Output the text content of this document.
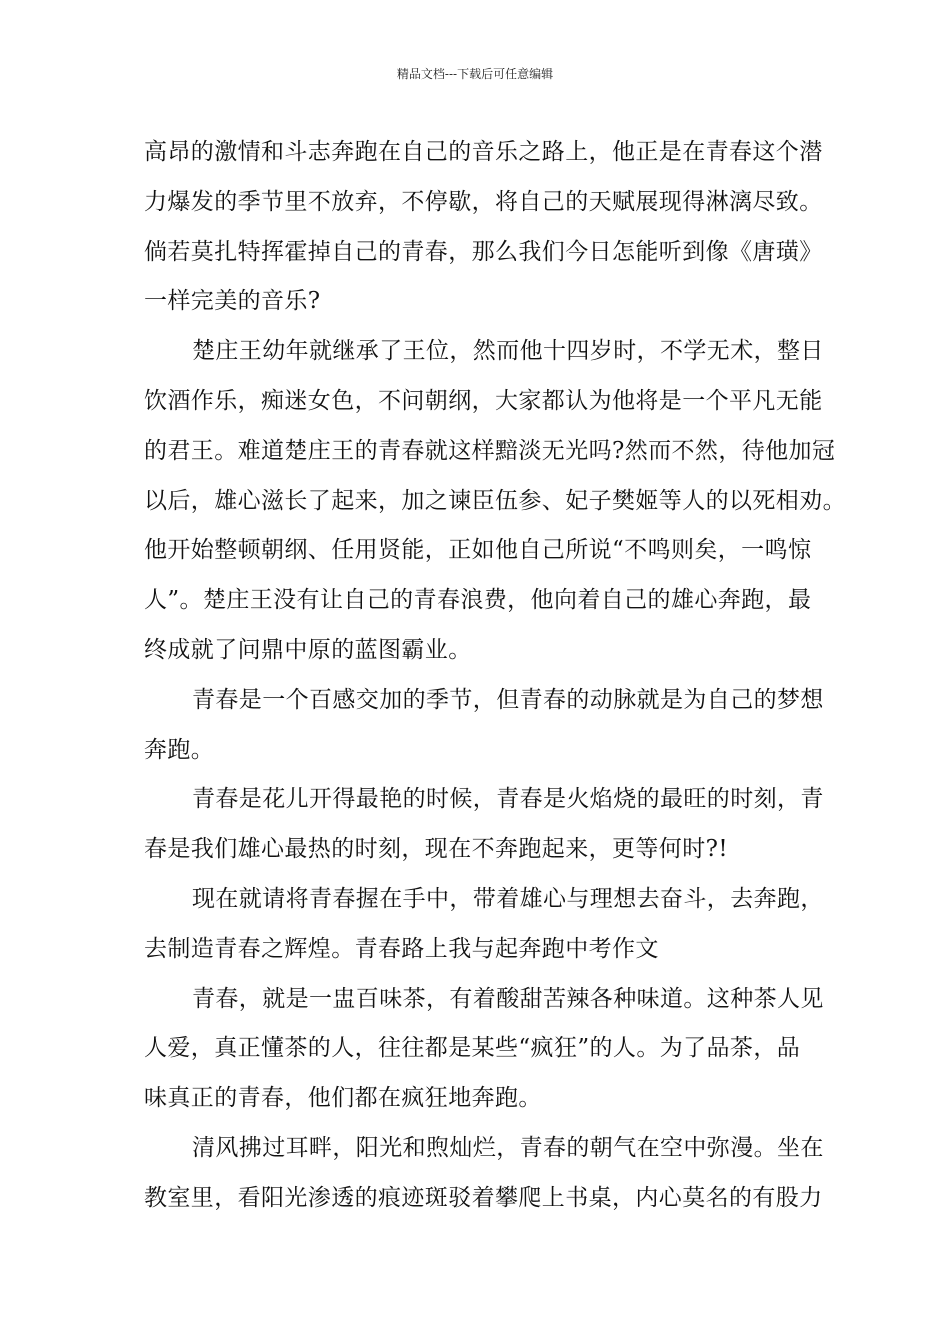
精品文档---下载后可任意编辑
高昂的激情和斗志奔跑在自己的音乐之路上，他正是在青春这个潜
力爆发的季节里不放弃，不停歇，将自己的天赋展现得淋漓尽致。
倘若莫扎特挥霍掉自己的青春，那么我们今日怎能听到像《唐璜》
一样完美的音乐?
楚庄王幼年就继承了王位，然而他十四岁时，不学无术，整日
饮酒作乐，痴迷女色，不问朝纲，大家都认为他将是一个平凡无能
的君王。难道楚庄王的青春就这样黯淡无光吗?然而不然，待他加冠
以后，雄心滋长了起来，加之谏臣伍参、妃子樊姬等人的以死相劝。
他开始整顿朝纲、任用贤能，正如他自己所说“不鸣则矣，一鸣惊
人”。楚庄王没有让自己的青春浪费，他向着自己的雄心奔跑，最
终成就了问鼎中原的蓝图霸业。
青春是一个百感交加的季节，但青春的动脉就是为自己的梦想
奔跑。
青春是花儿开得最艳的时候，青春是火焰烧的最旺的时刻，青
春是我们雄心最热的时刻，现在不奔跑起来，更等何时?!
现在就请将青春握在手中，带着雄心与理想去奋斗，去奔跑，
去制造青春之辉煌。青春路上我与起奔跑中考作文
青春，就是一盅百味茶，有着酸甜苦辣各种味道。这种茶人见
人爱，真正懂茶的人，往往都是某些“疯狂”的人。为了品茶，品
味真正的青春，他们都在疯狂地奔跑。
清风拂过耳畔，阳光和煦灿烂，青春的朝气在空中弥漫。坐在
教室里，看阳光渗透的痕迹斑驳着攀爬上书桌，内心莫名的有股力
